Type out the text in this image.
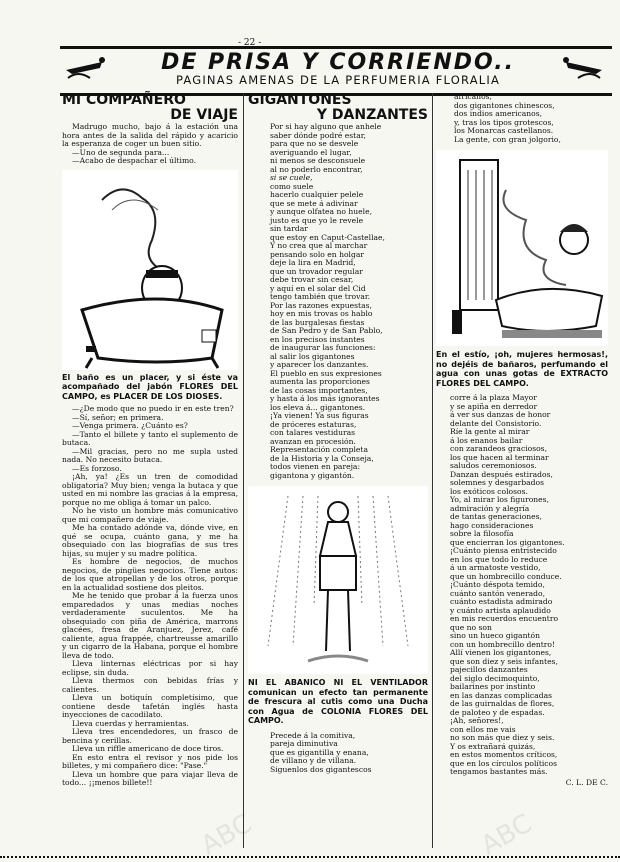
- 22 -
DE PRISA Y CORRIENDO..
PAGINAS AMENAS DE LA PERFUMERIA FLORALIA
MI COMPAÑERO
DE VIAJE

Madrugo mucho, bajo á la estación una hora antes de la salida del rápido y acaricio la esperanza de coger un buen sitio.

—Uno de segunda para...

—Acabo de despachar el último.

El baño es un placer, y si éste va acompañado del jabón FLORES DEL CAMPO, es PLACER DE LOS DIOSES.

—¿De modo que no puedo ir en este tren?

—Sí, señor; en primera.

—Venga primera. ¿Cuánto es?

—Tanto el billete y tanto el suplemento de butaca.

—Mil gracias, pero no me supla usted nada. No necesito butaca.

—Es forzoso.

¡Ah, ya! ¿Es un tren de comodidad obligatoria? Muy bien; venga la butaca y que usted en mi nombre las gracias á la empresa, porque no me obliga á tomar un palco.

No he visto un hombre más comunicativo que mi compañero de viaje.

Me ha contado adónde va, dónde vive, en qué se ocupa, cuánto gana, y me ha obsequiado con las biografías de sus tres hijas, su mujer y su madre política.

Es hombre de negocios, de muchos negocios, de pingües negocios. Tiene autos: de los que atropellan y de los otros, porque en la actualidad sostiene dos pleitos.

Me he tenido que probar á la fuerza unos emparedados y unas medias noches verdaderamente suculentos. Me ha obsequiado con piña de América, marrons glacées, fresa de Aranjuez, Jerez, café caliente, agua frappée, chartreusse amarillo y un cigarro de la Habana, porque el hombre lleva de todo.

Lleva linternas eléctricas por si hay eclipse, sin duda.

Lleva thermos con bebidas frías y calientes.

Lleva un botiquín completísimo, que contiene desde tafetán inglés hasta inyecciones de cacodilato.

Lleva cuerdas y herramientas.

Lleva tres encendedores, un frasco de bencina y cerillas.

Lleva un riffle americano de doce tiros.

En esto entra el revisor y nos pide los billetes, y mi compañero dice: "Pase."

Lleva un hombre que para viajar lleva de todo... ¡¡menos billete!!

GIGANTONES
Y DANZANTES
Por si hay alguno que anhele
saber dónde podré estar,
para que no se desvele
averiguando el lugar,
ni menos se desconsuele
al no poderlo encontrar,
si se cuele,
como suele
hacerlo cualquier pelele
que se mete á adivinar
y aunque olfatea no huele,
justo es que yo le revele
sin tardar
que estoy en Caput-Castellae,
Y no crea que al marchar
pensando solo en holgar
deje la lira en Madrid,
que un trovador regular
debe trovar sin cesar,
y aquí en el solar del Cid
tengo también que trovar.
Por las razones expuestas,
hoy en mis trovas os hablo
de las burgalesas fiestas
de San Pedro y de San Pablo,
en los precisos instantes
de inaugurar las funciones:
al salir los gigantones
y aparecer los danzantes.
El pueblo en sus expresiones
aumenta las proporciones
de las cosas importantes,
y hasta á los más ignorantes
los eleva á... gigantones.
¡Ya vienen! Ya sus figuras
de próceres estaturas,
con talares vestiduras
avanzan en procesión.
Representación completa
de la Historia y la Conseja,
todos vienen en pareja:
gigantona y gigantón.
NI EL ABANICO NI EL VENTILADOR comunican un efecto tan permanente de frescura al cutis como una Ducha con Agua de COLONIA FLORES DEL CAMPO.
Precede á la comitiva,
pareja diminutiva
que es gigantilla y enana,
de villano y de villana.
Siguenlos dos gigantescos
africanos,
dos gigantones chinescos,
dos indios americanos,
y, tras los tipos grotescos,
los Monarcas castellanos.
La gente, con gran jolgorio,
En el estío, ¡oh, mujeres hermosas!, no dejéis de bañaros, perfumando el agua con unas gotas de EXTRACTO FLORES DEL CAMPO.
corre á la plaza Mayor
y se apiña en derredor
á ver sus danzas de honor
delante del Consistorio.
Ríe la gente al mirar
á los enanos bailar
con zarandeos graciosos,
los que hacen al terminar
saludos ceremoniosos.
Danzan después estirados,
solemnes y desgarbados
los exóticos colosos.
Yo, al mirar los figurones,
admiración y alegría
de tantas generaciones,
hago consideraciones
sobre la filosofía
que encierran los gigantones.
¡Cuánto piensa entristecido
en los que todo lo reduce
á un armatoste vestido,
que un hombrecillo conduce.
¡Cuánto déspota temido,
cuánto santón venerado,
cuánto estadista admirado
y cuánto artista aplaudido
en mis recuerdos encuentro
que no son
sino un hueco gigantón
con un hombrecillo dentro!
Allí vienen los gigantones,
que son diez y seis infantes,
pajecillos danzantes
del siglo decimoquinto,
bailarines por instinto
en las danzas complicadas
de las guirnaldas de flores,
de paloteo y de espadas.
¡Ah, señores!,
con ellos me vais
no son más que diez y seis.
Y os extrañará quizás,
en estos momentos críticos,
que en los círculos políticos
tengamos bastantes más.
C. L. DE C.
ABC	ABC
